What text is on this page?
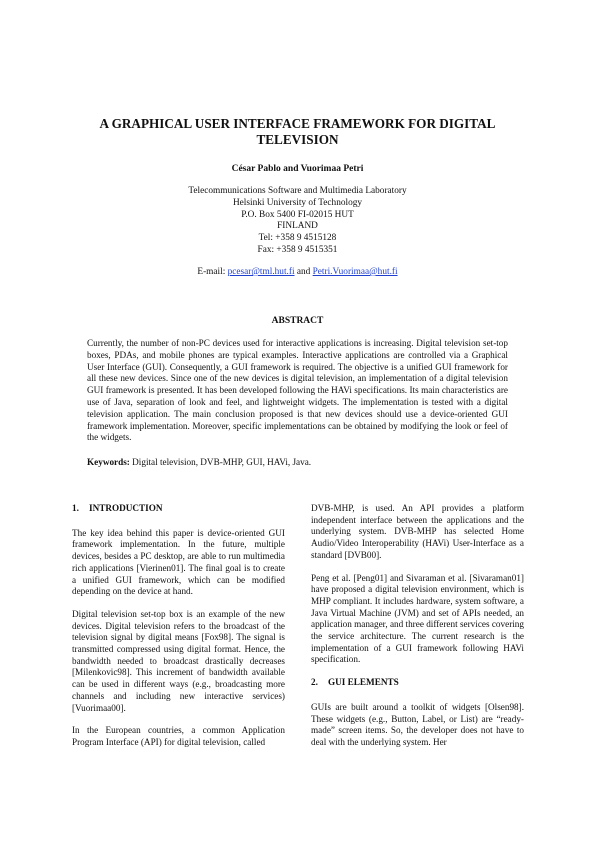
A GRAPHICAL USER INTERFACE FRAMEWORK FOR DIGITAL TELEVISION
César Pablo and Vuorimaa Petri
Telecommunications Software and Multimedia Laboratory
Helsinki University of Technology
P.O. Box 5400 FI-02015 HUT
FINLAND
Tel: +358 9 4515128
Fax: +358 9 4515351
E-mail: pcesar@tml.hut.fi and Petri.Vuorimaa@hut.fi
ABSTRACT
Currently, the number of non-PC devices used for interactive applications is increasing. Digital television set-top boxes, PDAs, and mobile phones are typical examples. Interactive applications are controlled via a Graphical User Interface (GUI). Consequently, a GUI framework is required. The objective is a unified GUI framework for all these new devices. Since one of the new devices is digital television, an implementation of a digital television GUI framework is presented. It has been developed following the HAVi specifications. Its main characteristics are use of Java, separation of look and feel, and lightweight widgets. The implementation is tested with a digital television application. The main conclusion proposed is that new devices should use a device-oriented GUI framework implementation. Moreover, specific implementations can be obtained by modifying the look or feel of the widgets.
Keywords: Digital television, DVB-MHP, GUI, HAVi, Java.
1. INTRODUCTION

The key idea behind this paper is device-oriented GUI framework implementation. In the future, multiple devices, besides a PC desktop, are able to run multimedia rich applications [Vierinen01]. The final goal is to create a unified GUI framework, which can be modified depending on the device at hand.

Digital television set-top box is an example of the new devices. Digital television refers to the broadcast of the television signal by digital means [Fox98]. The signal is transmitted compressed using digital format. Hence, the bandwidth needed to broadcast drastically decreases [Milenkovic98]. This increment of bandwidth available can be used in different ways (e.g., broadcasting more channels and including new interactive services) [Vuorimaa00].

In the European countries, a common Application Program Interface (API) for digital television, called

DVB-MHP, is used. An API provides a platform independent interface between the applications and the underlying system. DVB-MHP has selected Home Audio/Video Interoperability (HAVi) User-Interface as a standard [DVB00].

Peng et al. [Peng01] and Sivaraman et al. [Sivaraman01] have proposed a digital television environment, which is MHP compliant. It includes hardware, system software, a Java Virtual Machine (JVM) and set of APIs needed, an application manager, and three different services covering the service architecture. The current research is the implementation of a GUI framework following HAVi specification.

2. GUI ELEMENTS

GUIs are built around a toolkit of widgets [Olsen98]. These widgets (e.g., Button, Label, or List) are “ready-made” screen items. So, the developer does not have to deal with the underlying system. Her
